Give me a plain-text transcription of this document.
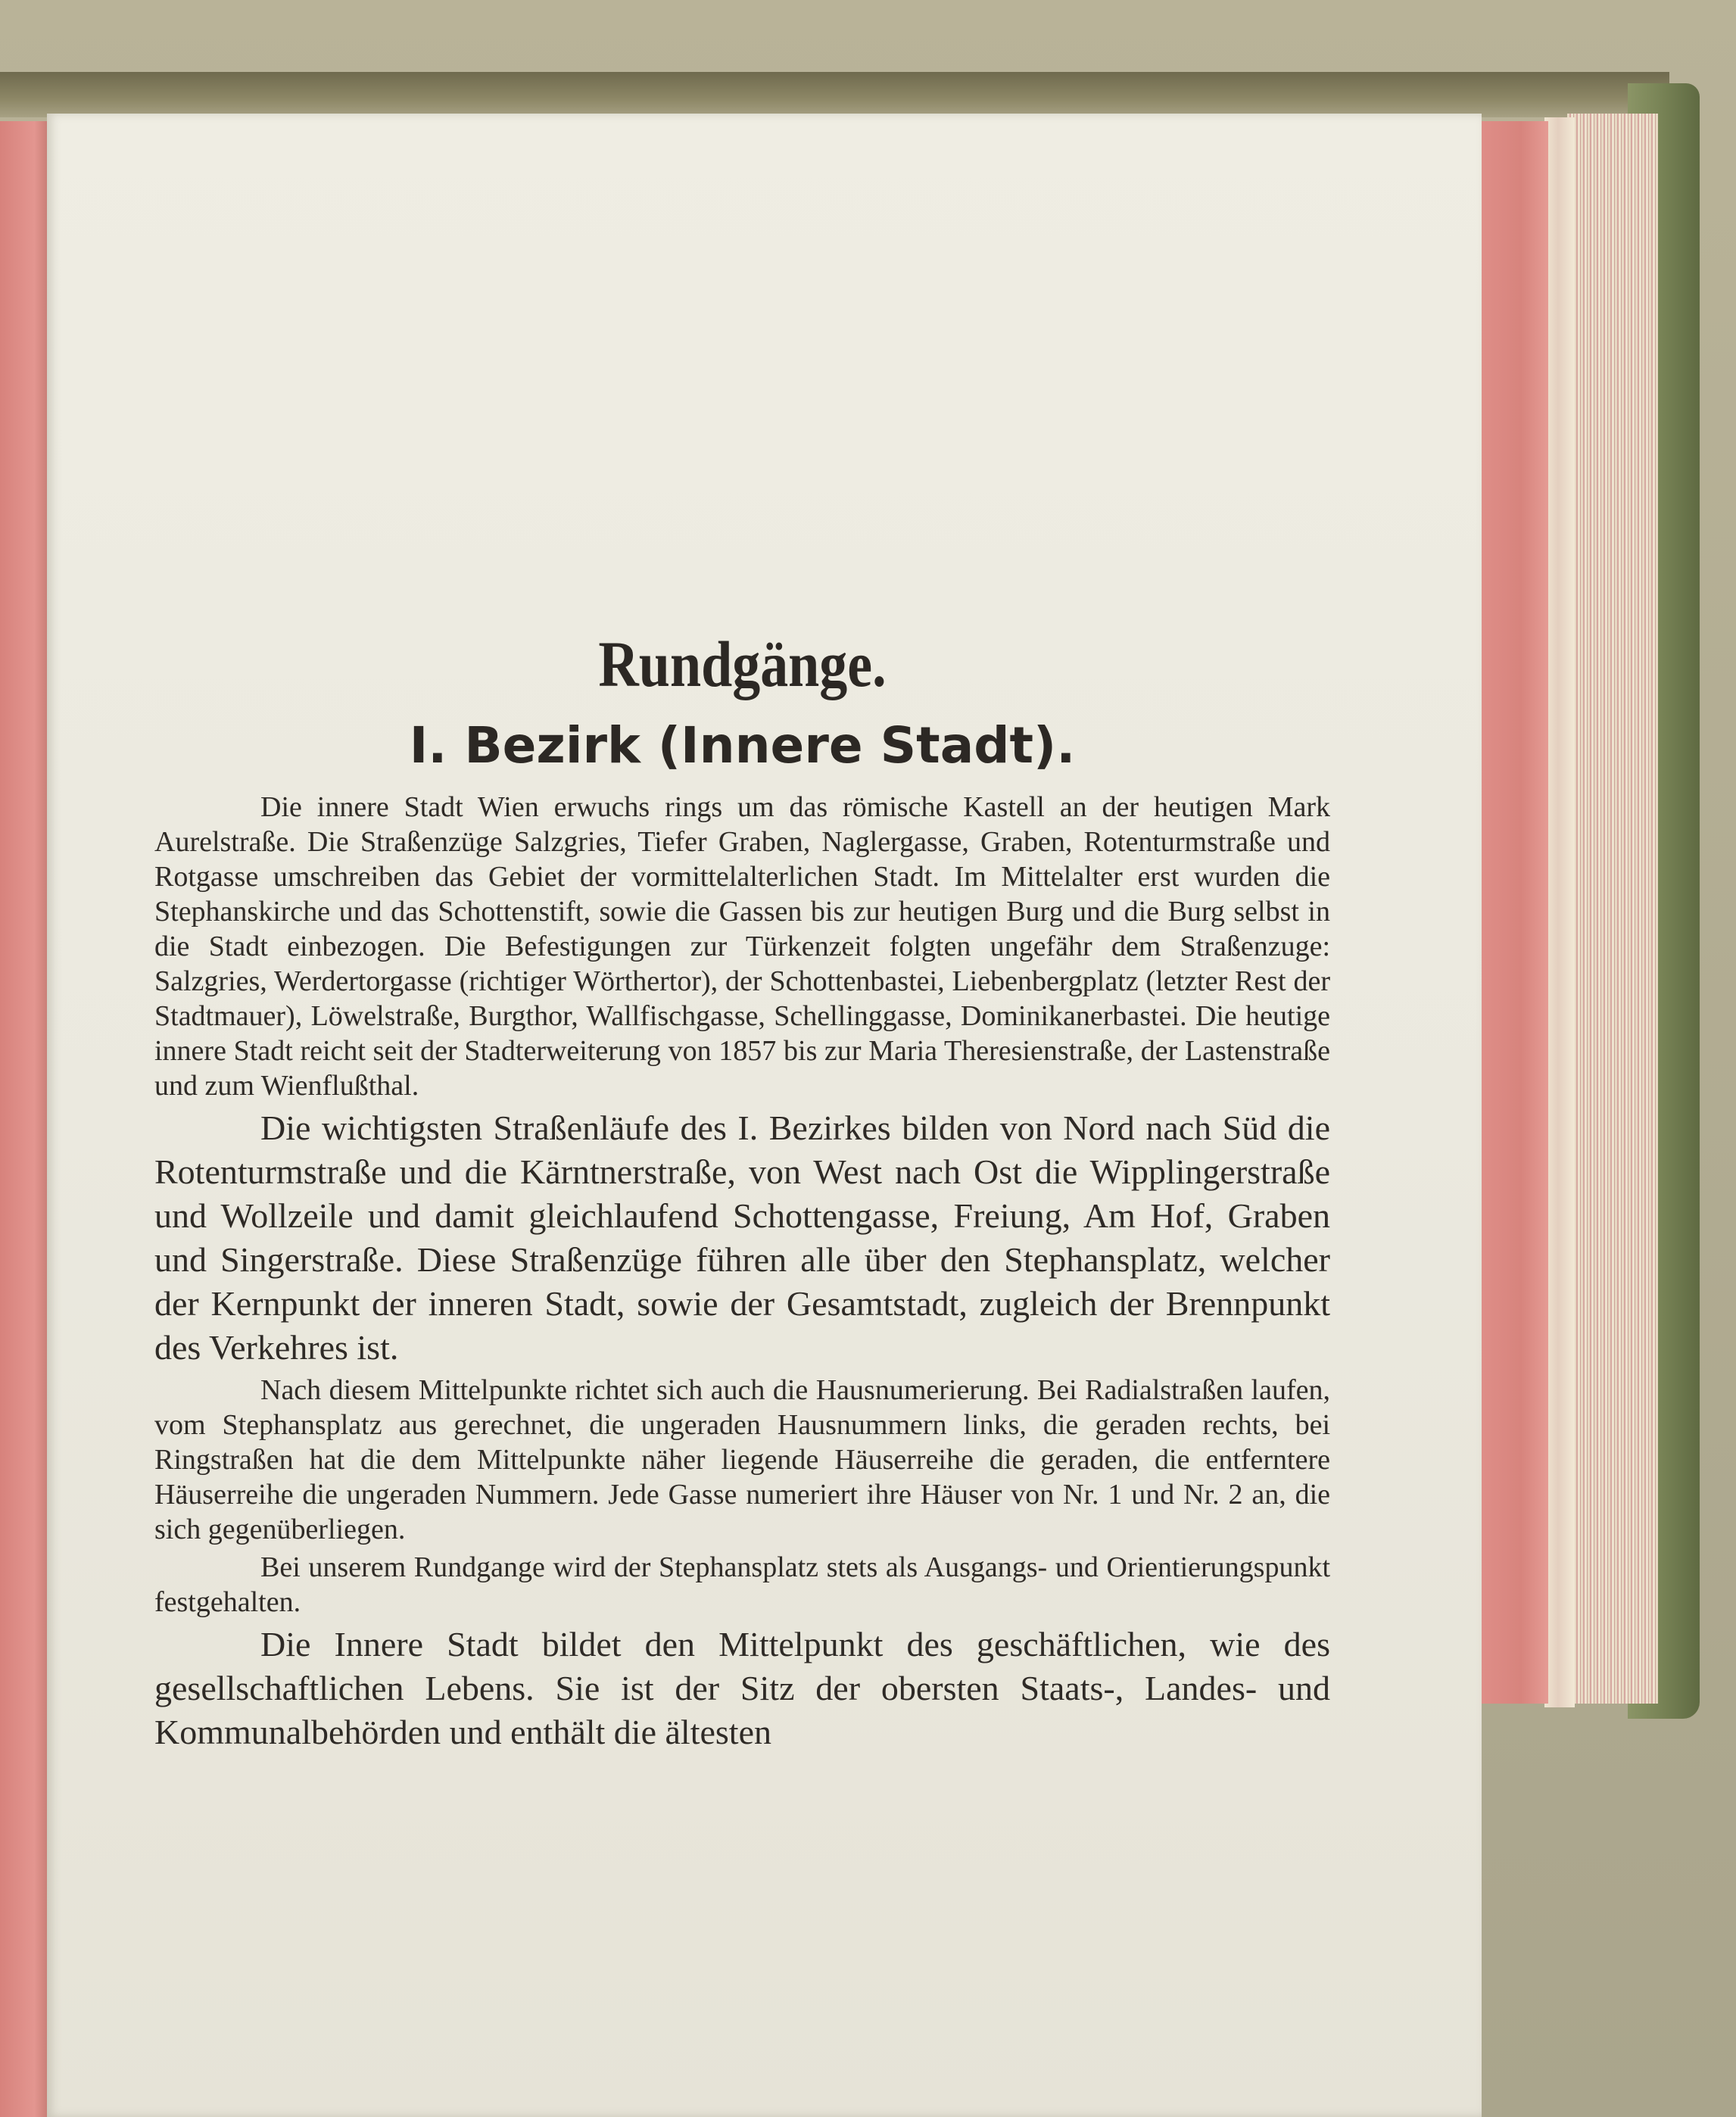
Rundgänge.
I. Bezirk (Innere Stadt).

Die innere Stadt Wien erwuchs rings um das römische Kastell an der heutigen Mark Aurelstraße. Die Straßenzüge Salzgries, Tiefer Graben, Naglergasse, Graben, Rotenturmstraße und Rotgasse umschreiben das Gebiet der vormittelalterlichen Stadt. Im Mittelalter erst wurden die Stephanskirche und das Schottenstift, sowie die Gassen bis zur heutigen Burg und die Burg selbst in die Stadt einbezogen. Die Befestigungen zur Türkenzeit folgten ungefähr dem Straßenzuge: Salzgries, Werdertorgasse (richtiger Wörthertor), der Schottenbastei, Liebenbergplatz (letzter Rest der Stadtmauer), Löwelstraße, Burgthor, Wallfischgasse, Schellinggasse, Dominikanerbastei. Die heutige innere Stadt reicht seit der Stadterweiterung von 1857 bis zur Maria Theresienstraße, der Lastenstraße und zum Wienflußthal.

Die wichtigsten Straßenläufe des I. Bezirkes bilden von Nord nach Süd die Rotenturmstraße und die Kärntnerstraße, von West nach Ost die Wipplingerstraße und Wollzeile und damit gleichlaufend Schottengasse, Freiung, Am Hof, Graben und Singerstraße. Diese Straßenzüge führen alle über den Stephansplatz, welcher der Kernpunkt der inneren Stadt, sowie der Gesamtstadt, zugleich der Brennpunkt des Verkehres ist.

Nach diesem Mittelpunkte richtet sich auch die Hausnumerierung. Bei Radialstraßen laufen, vom Stephansplatz aus gerechnet, die ungeraden Hausnummern links, die geraden rechts, bei Ringstraßen hat die dem Mittelpunkte näher liegende Häuserreihe die geraden, die entferntere Häuserreihe die ungeraden Nummern. Jede Gasse numeriert ihre Häuser von Nr. 1 und Nr. 2 an, die sich gegenüberliegen.

Bei unserem Rundgange wird der Stephansplatz stets als Ausgangs- und Orientierungspunkt festgehalten.

Die Innere Stadt bildet den Mittelpunkt des geschäftlichen, wie des gesellschaftlichen Lebens. Sie ist der Sitz der obersten Staats-, Landes- und Kommunalbehörden und enthält die ältesten
